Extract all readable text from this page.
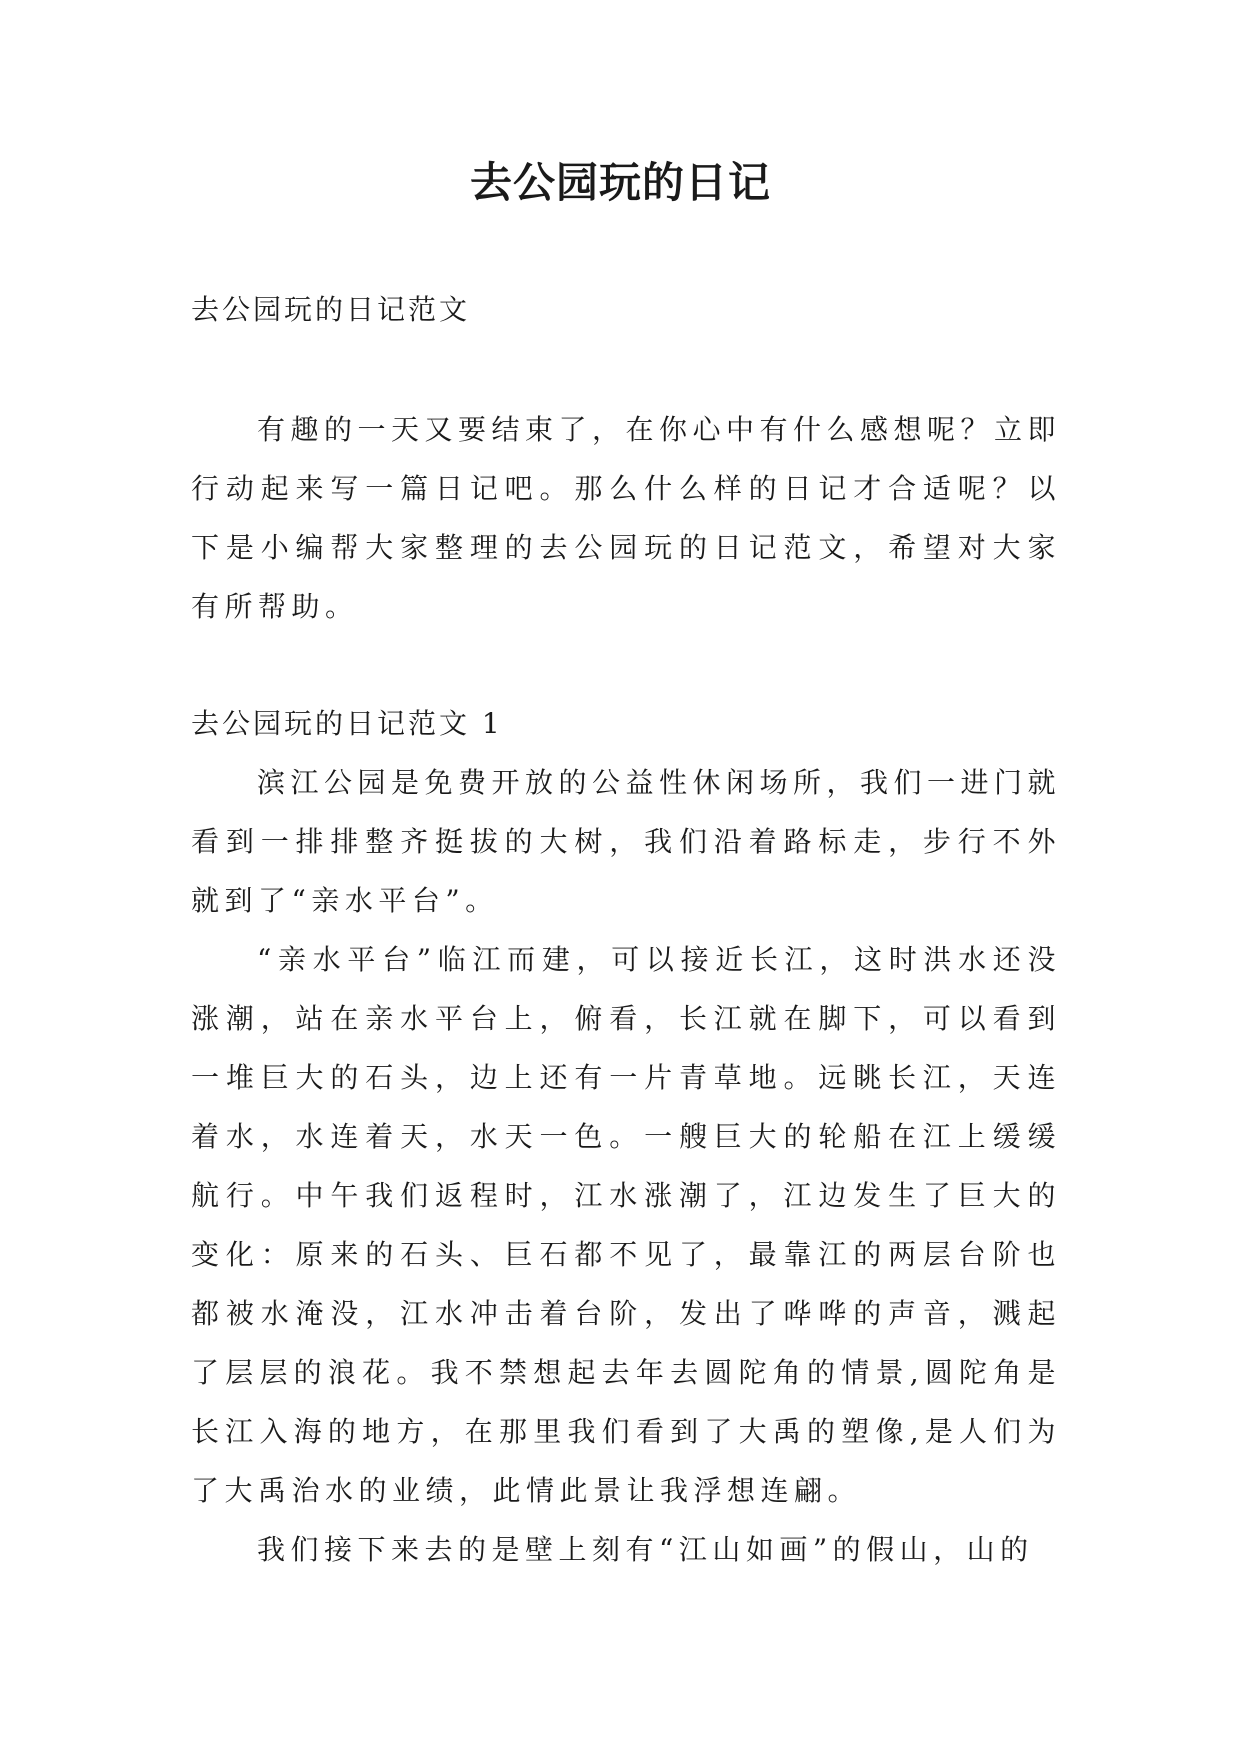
去公园玩的日记

去公园玩的日记范文

有趣的一天又要结束了，在你心中有什么感想呢？立即行动起来写一篇日记吧。那么什么样的日记才合适呢？以下是小编帮大家整理的去公园玩的日记范文，希望对大家有所帮助。

去公园玩的日记范文 1

滨江公园是免费开放的公益性休闲场所，我们一进门就看到一排排整齐挺拔的大树，我们沿着路标走，步行不外就到了“亲水平台”。

“亲水平台”临江而建，可以接近长江，这时洪水还没涨潮，站在亲水平台上，俯看，长江就在脚下，可以看到一堆巨大的石头，边上还有一片青草地。远眺长江，天连着水，水连着天，水天一色。一艘巨大的轮船在江上缓缓航行。中午我们返程时，江水涨潮了，江边发生了巨大的变化：原来的石头、巨石都不见了，最靠江的两层台阶也都被水淹没，江水冲击着台阶，发出了哗哗的声音，溅起了层层的浪花。我不禁想起去年去圆陀角的情景,圆陀角是长江入海的地方，在那里我们看到了大禹的塑像,是人们为了大禹治水的业绩，此情此景让我浮想连翩。

我们接下来去的是壁上刻有“江山如画”的假山，山的
